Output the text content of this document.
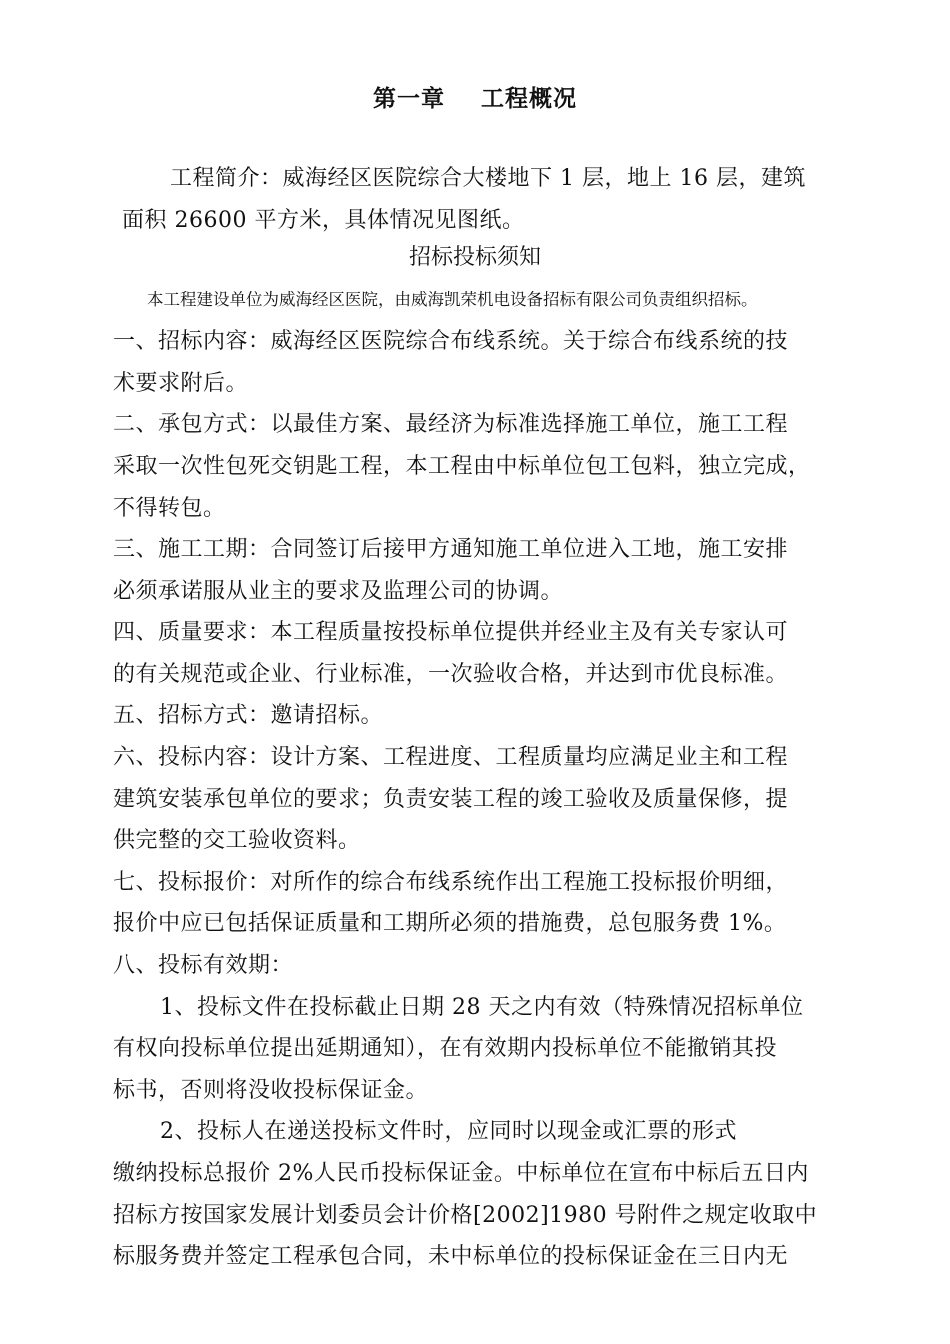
第一章    工程概况
工程简介：威海经区医院综合大楼地下 1 层，地上 16 层，建筑
面积 26600 平方米，具体情况见图纸。
招标投标须知
本工程建设单位为威海经区医院，由威海凯荣机电设备招标有限公司负责组织招标。
一、招标内容：威海经区医院综合布线系统。关于综合布线系统的技
术要求附后。
二、承包方式：以最佳方案、最经济为标准选择施工单位，施工工程
采取一次性包死交钥匙工程，本工程由中标单位包工包料，独立完成，
不得转包。
三、施工工期：合同签订后接甲方通知施工单位进入工地，施工安排
必须承诺服从业主的要求及监理公司的协调。
四、质量要求：本工程质量按投标单位提供并经业主及有关专家认可
的有关规范或企业、行业标准，一次验收合格，并达到市优良标准。
五、招标方式：邀请招标。
六、投标内容：设计方案、工程进度、工程质量均应满足业主和工程
建筑安装承包单位的要求；负责安装工程的竣工验收及质量保修，提
供完整的交工验收资料。
七、投标报价：对所作的综合布线系统作出工程施工投标报价明细，
报价中应已包括保证质量和工期所必须的措施费，总包服务费 1%。
八、投标有效期：
1、投标文件在投标截止日期 28 天之内有效（特殊情况招标单位
有权向投标单位提出延期通知），在有效期内投标单位不能撤销其投
标书，否则将没收投标保证金。
2、投标人在递送投标文件时，应同时以现金或汇票的形式
缴纳投标总报价 2%人民币投标保证金。中标单位在宣布中标后五日内
招标方按国家发展计划委员会计价格[2002]1980 号附件之规定收取中
标服务费并签定工程承包合同，未中标单位的投标保证金在三日内无
